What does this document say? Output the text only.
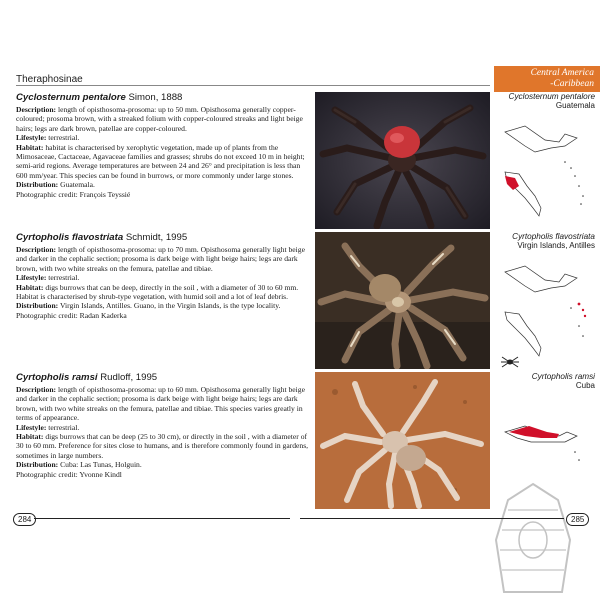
Theraphosinae
Central America
-Caribbean
Cyclosternum pentalore Simon, 1888

Description: length of opisthosoma-prosoma: up to 50 mm. Opisthosoma generally copper-coloured; prosoma brown, with a streaked folium with copper-coloured streaks and light beige hairs; legs are dark brown, patellae are copper-coloured.

Lifestyle: terrestrial.

Habitat: habitat is characterised by xerophytic vegetation, made up of plants from the Mimosaceae, Cactaceae, Agavaceae families and grasses; shrubs do not exceed 10 m in height; semi-arid regions. Average temperatures are between 24 and 26° and precipitation is less than 600 mm/year. This species can be found in burrows, or more commonly under large stones.

Distribution: Guatemala.

Photographic credit: François Teyssié

Cyrtopholis flavostriata Schmidt, 1995

Description: length of opisthosoma-prosoma: up to 70 mm. Opisthosoma generally light beige and darker in the cephalic section; prosoma is dark beige with light beige hairs; legs are dark brown, with two white streaks on the femura, patellae and tibiae.

Lifestyle: terrestrial.

Habitat: digs burrows that can be deep, directly in the soil , with a diameter of 30 to 60 mm. Habitat is characterised by shrub-type vegetation, with humid soil and a lot of leaf debris.

Distribution: Virgin Islands, Antilles. Guano, in the Virgin Islands, is the type locality.

Photographic credit: Radan Kaderka

Cyrtopholis ramsi Rudloff, 1995

Description: length of opisthosoma-prosoma: up to 60 mm. Opisthosoma generally light beige and darker in the cephalic section; prosoma is dark beige with light beige hairs; legs are dark brown, with two white streaks on the femura, patellae and tibiae. This species varies greatly in terms of appearance.

Lifestyle: terrestrial.

Habitat: digs burrows that can be deep (25 to 30 cm), or directly in the soil , with a diameter of 30 to 60 mm. Preference for sites close to humans, and is therefore commonly found in gardens, sometimes in large numbers.

Distribution: Cuba: Las Tunas, Holguin.

Photographic credit: Yvonne Kindl

Cyclosternum pentalore
Guatemala
Cyrtopholis flavostriata
Virgin Islands, Antilles
Cyrtopholis ramsi
Cuba
284	285
